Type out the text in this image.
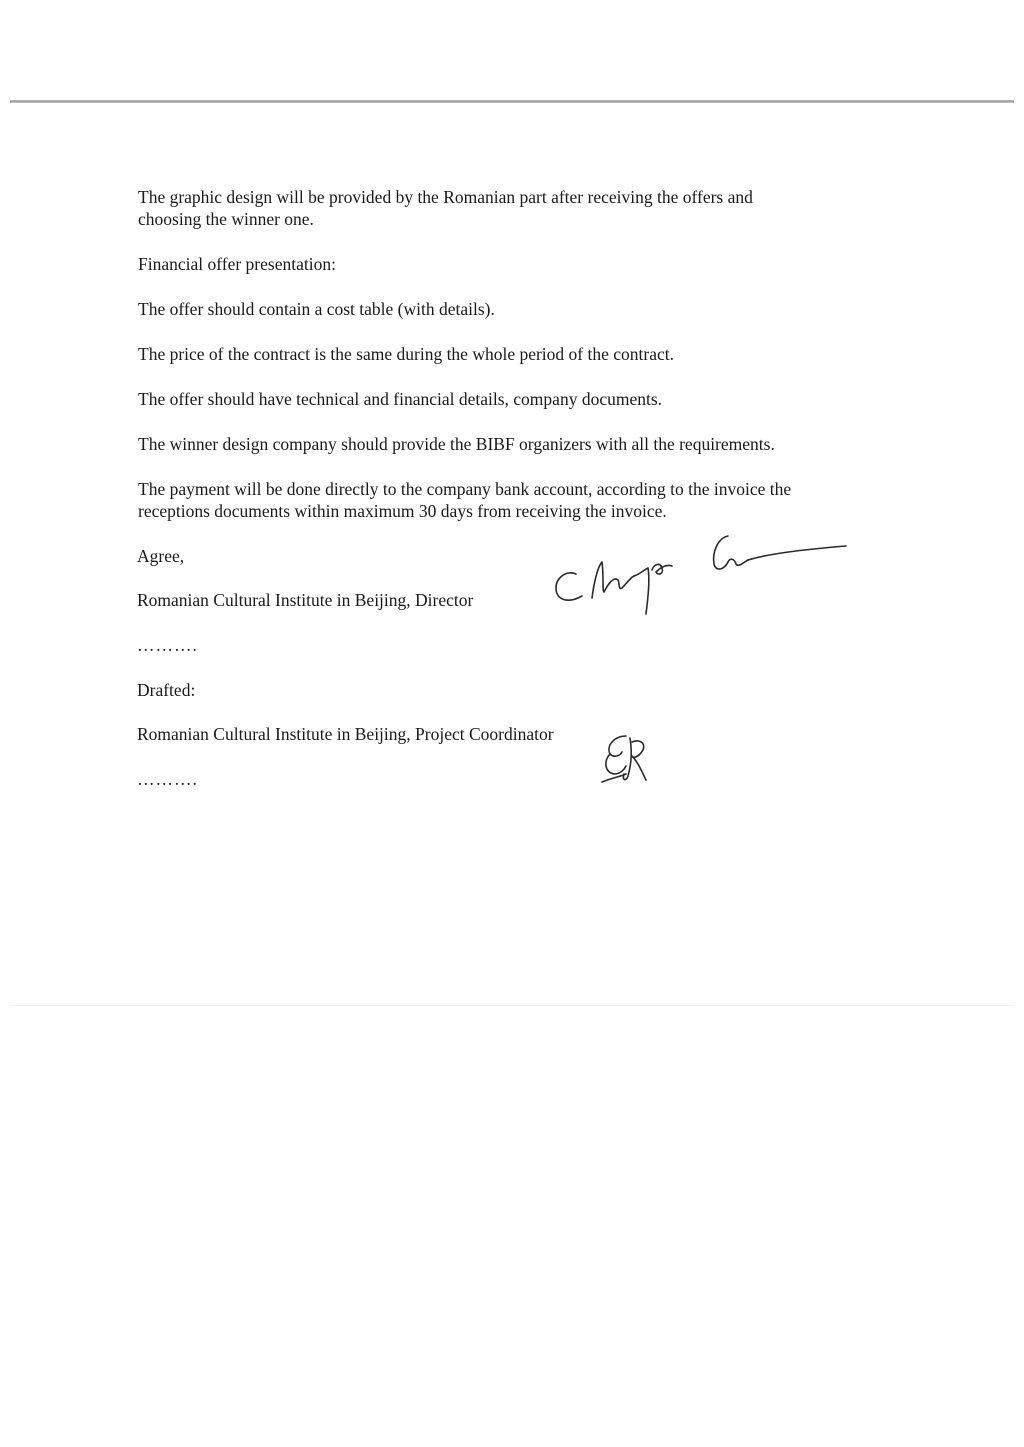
The graphic design will be provided by the Romanian part after receiving the offers and
choosing the winner one.

Financial offer presentation:

The offer should contain a cost table (with details).

The price of the contract is the same during the whole period of the contract.

The offer should have technical and financial details, company documents.

The winner design company should provide the BIBF organizers with all the requirements.

The payment will be done directly to the company bank account, according to the invoice the
receptions documents within maximum 30 days from receiving the invoice.

Agree,

Romanian Cultural Institute in Beijing, Director

……….

Drafted:

Romanian Cultural Institute in Beijing, Project Coordinator

……….
